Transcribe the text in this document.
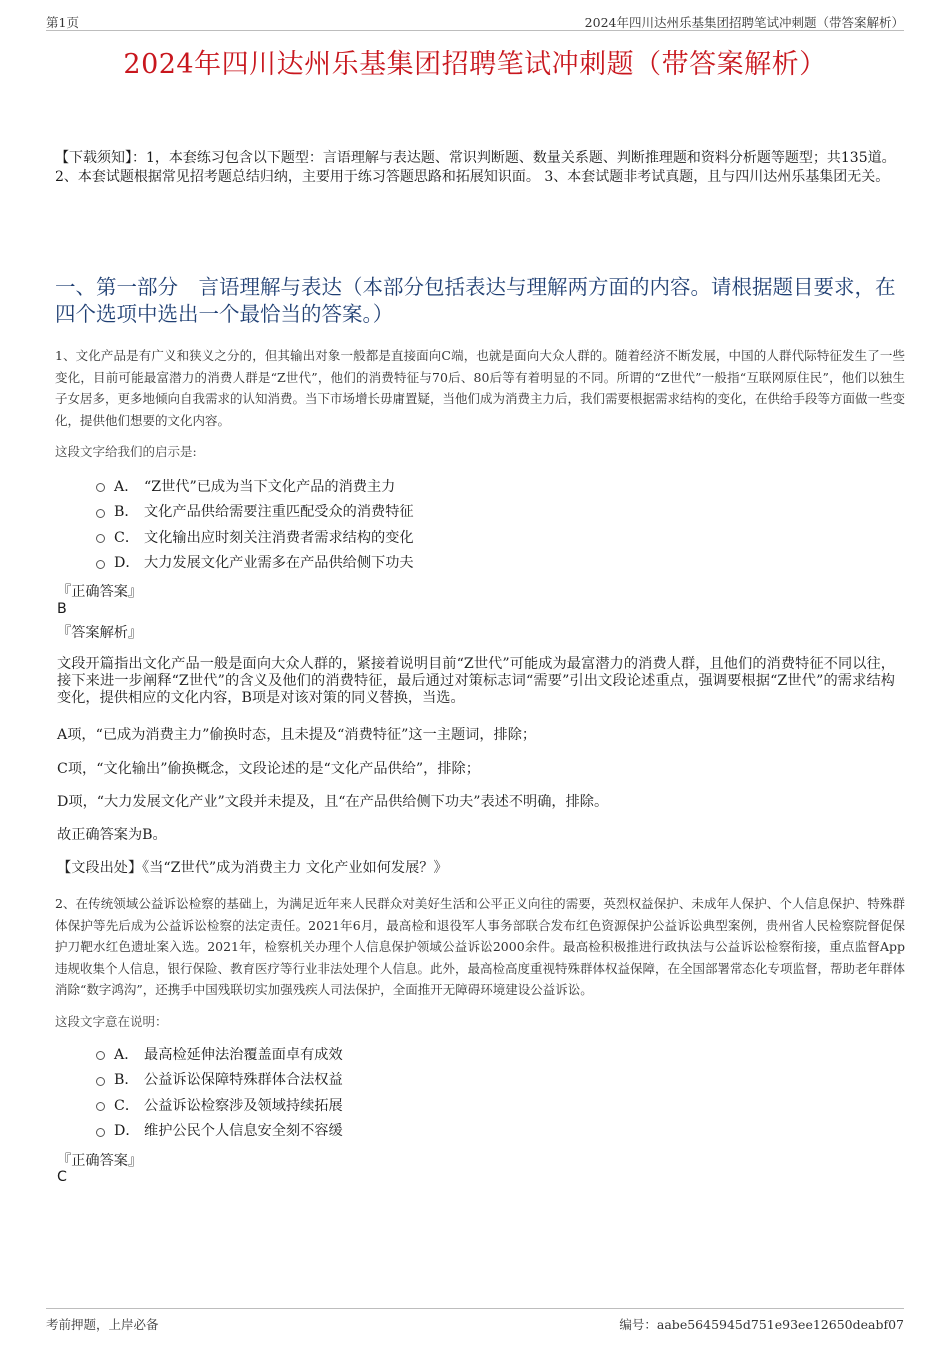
第1页	2024年四川达州乐基集团招聘笔试冲刺题（带答案解析）
2024年四川达州乐基集团招聘笔试冲刺题（带答案解析）
【下载须知】：1，本套练习包含以下题型：言语理解与表达题、常识判断题、数量关系题、判断推理题和资料分析题等题型；共135道。 2、本套试题根据常见招考题总结归纳，主要用于练习答题思路和拓展知识面。 3、本套试题非考试真题，且与四川达州乐基集团无关。
一、第一部分　言语理解与表达（本部分包括表达与理解两方面的内容。请根据题目要求，在四个选项中选出一个最恰当的答案。）
1、文化产品是有广义和狭义之分的，但其输出对象一般都是直接面向C端，也就是面向大众人群的。随着经济不断发展，中国的人群代际特征发生了一些变化，目前可能最富潜力的消费人群是“Z世代”，他们的消费特征与70后、80后等有着明显的不同。所谓的“Z世代”一般指“互联网原住民”，他们以独生子女居多，更多地倾向自我需求的认知消费。当下市场增长毋庸置疑，当他们成为消费主力后，我们需要根据需求结构的变化，在供给手段等方面做一些变化，提供他们想要的文化内容。
这段文字给我们的启示是:
A． “Z世代”已成为当下文化产品的消费主力
B． 文化产品供给需要注重匹配受众的消费特征
C． 文化输出应时刻关注消费者需求结构的变化
D． 大力发展文化产业需多在产品供给侧下功夫
『正确答案』
B
『答案解析』
文段开篇指出文化产品一般是面向大众人群的，紧接着说明目前“Z世代”可能成为最富潜力的消费人群，且他们的消费特征不同以往，接下来进一步阐释“Z世代”的含义及他们的消费特征，最后通过对策标志词“需要”引出文段论述重点，强调要根据“Z世代”的需求结构变化，提供相应的文化内容，B项是对该对策的同义替换，当选。
A项，“已成为消费主力”偷换时态，且未提及“消费特征”这一主题词，排除；
C项，“文化输出”偷换概念，文段论述的是“文化产品供给”，排除；
D项，“大力发展文化产业”文段并未提及，且“在产品供给侧下功夫”表述不明确，排除。
故正确答案为B。
【文段出处】《当“Z世代”成为消费主力 文化产业如何发展？》
2、在传统领域公益诉讼检察的基础上，为满足近年来人民群众对美好生活和公平正义向往的需要，英烈权益保护、未成年人保护、个人信息保护、特殊群体保护等先后成为公益诉讼检察的法定责任。2021年6月，最高检和退役军人事务部联合发布红色资源保护公益诉讼典型案例，贵州省人民检察院督促保护刀靶水红色遗址案入选。2021年，检察机关办理个人信息保护领域公益诉讼2000余件。最高检积极推进行政执法与公益诉讼检察衔接，重点监督App违规收集个人信息，银行保险、教育医疗等行业非法处理个人信息。此外，最高检高度重视特殊群体权益保障，在全国部署常态化专项监督，帮助老年群体消除“数字鸿沟”，还携手中国残联切实加强残疾人司法保护，全面推开无障碍环境建设公益诉讼。
这段文字意在说明：
A． 最高检延伸法治覆盖面卓有成效
B． 公益诉讼保障特殊群体合法权益
C． 公益诉讼检察涉及领域持续拓展
D． 维护公民个人信息安全刻不容缓
『正确答案』
C
考前押题，上岸必备	编号：aabe5645945d751e93ee12650deabf07
